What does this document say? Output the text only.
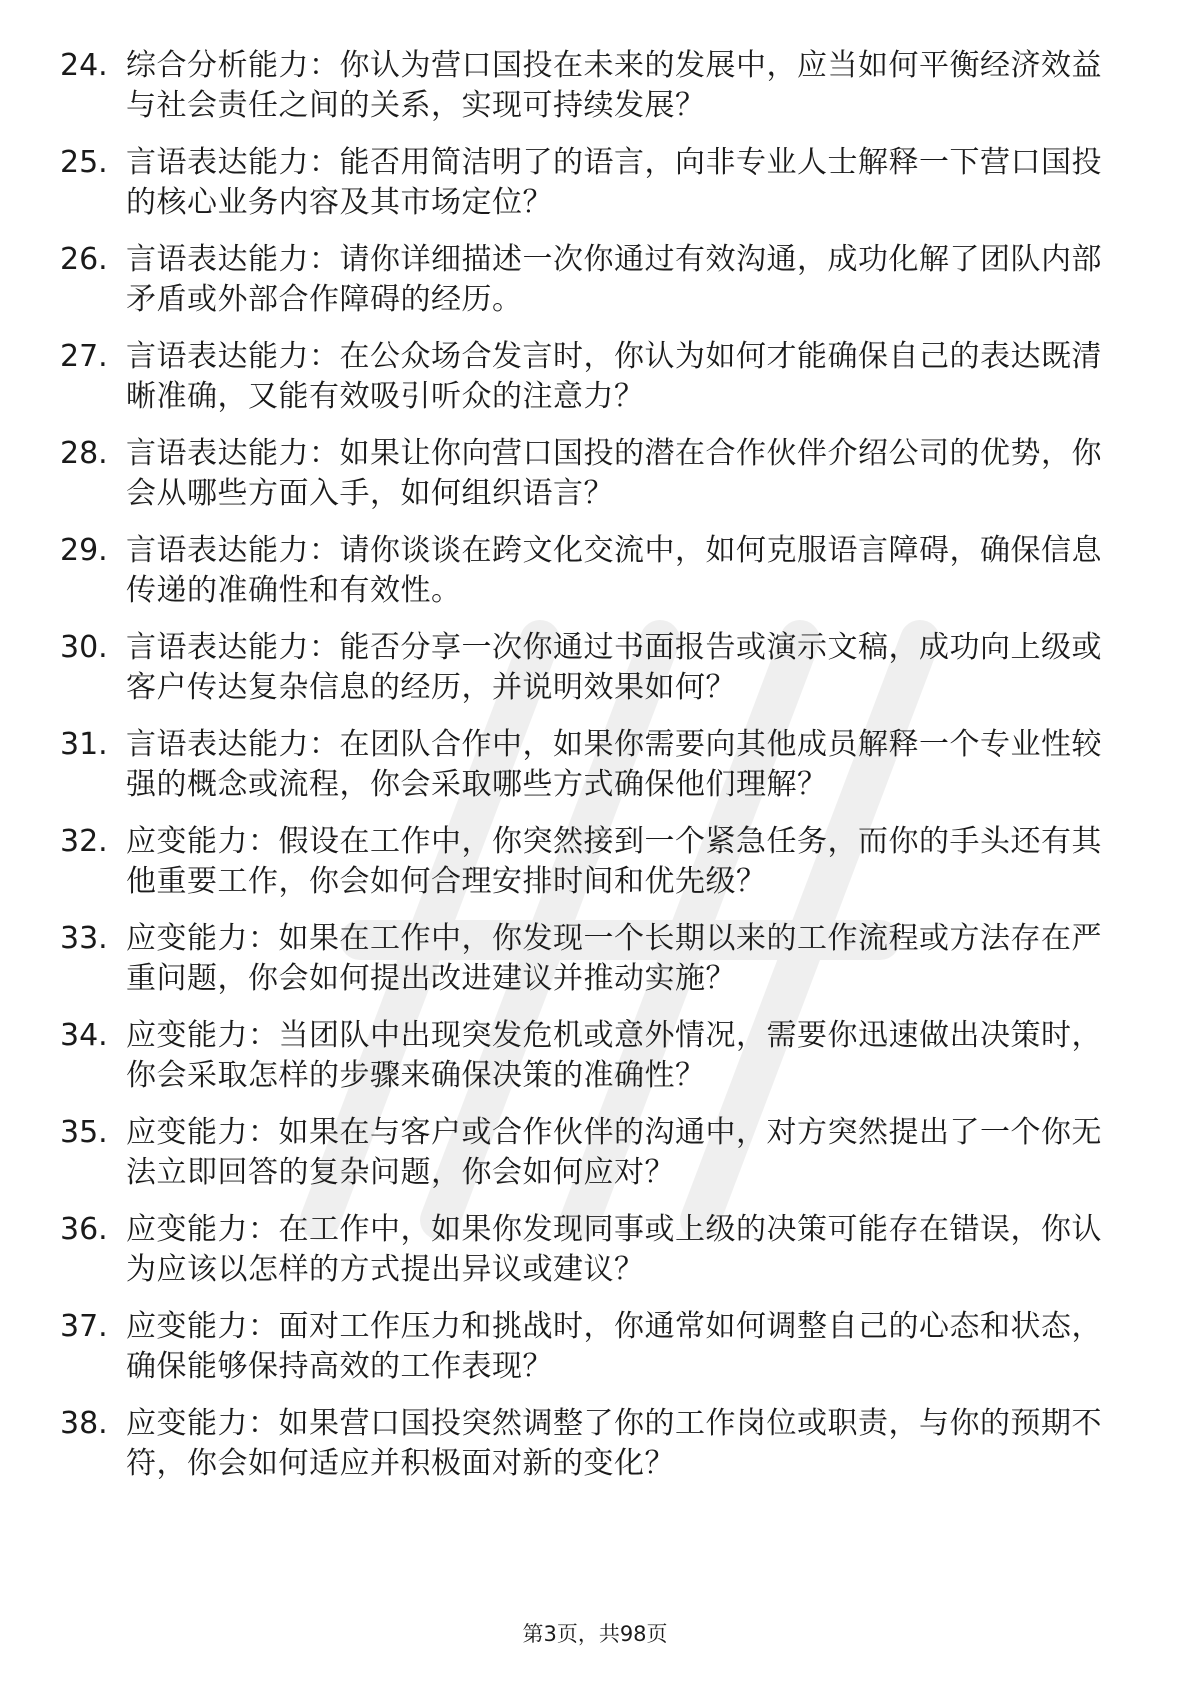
24. 综合分析能力：你认为营口国投在未来的发展中，应当如何平衡经济效益与社会责任之间的关系，实现可持续发展？
25. 言语表达能力：能否用简洁明了的语言，向非专业人士解释一下营口国投的核心业务内容及其市场定位？
26. 言语表达能力：请你详细描述一次你通过有效沟通，成功化解了团队内部矛盾或外部合作障碍的经历。
27. 言语表达能力：在公众场合发言时，你认为如何才能确保自己的表达既清晰准确，又能有效吸引听众的注意力？
28. 言语表达能力：如果让你向营口国投的潜在合作伙伴介绍公司的优势，你会从哪些方面入手，如何组织语言？
29. 言语表达能力：请你谈谈在跨文化交流中，如何克服语言障碍，确保信息传递的准确性和有效性。
30. 言语表达能力：能否分享一次你通过书面报告或演示文稿，成功向上级或客户传达复杂信息的经历，并说明效果如何？
31. 言语表达能力：在团队合作中，如果你需要向其他成员解释一个专业性较强的概念或流程，你会采取哪些方式确保他们理解？
32. 应变能力：假设在工作中，你突然接到一个紧急任务，而你的手头还有其他重要工作，你会如何合理安排时间和优先级？
33. 应变能力：如果在工作中，你发现一个长期以来的工作流程或方法存在严重问题，你会如何提出改进建议并推动实施？
34. 应变能力：当团队中出现突发危机或意外情况，需要你迅速做出决策时，你会采取怎样的步骤来确保决策的准确性？
35. 应变能力：如果在与客户或合作伙伴的沟通中，对方突然提出了一个你无法立即回答的复杂问题，你会如何应对？
36. 应变能力：在工作中，如果你发现同事或上级的决策可能存在错误，你认为应该以怎样的方式提出异议或建议？
37. 应变能力：面对工作压力和挑战时，你通常如何调整自己的心态和状态，确保能够保持高效的工作表现？
38. 应变能力：如果营口国投突然调整了你的工作岗位或职责，与你的预期不符，你会如何适应并积极面对新的变化？
第3页，共98页
